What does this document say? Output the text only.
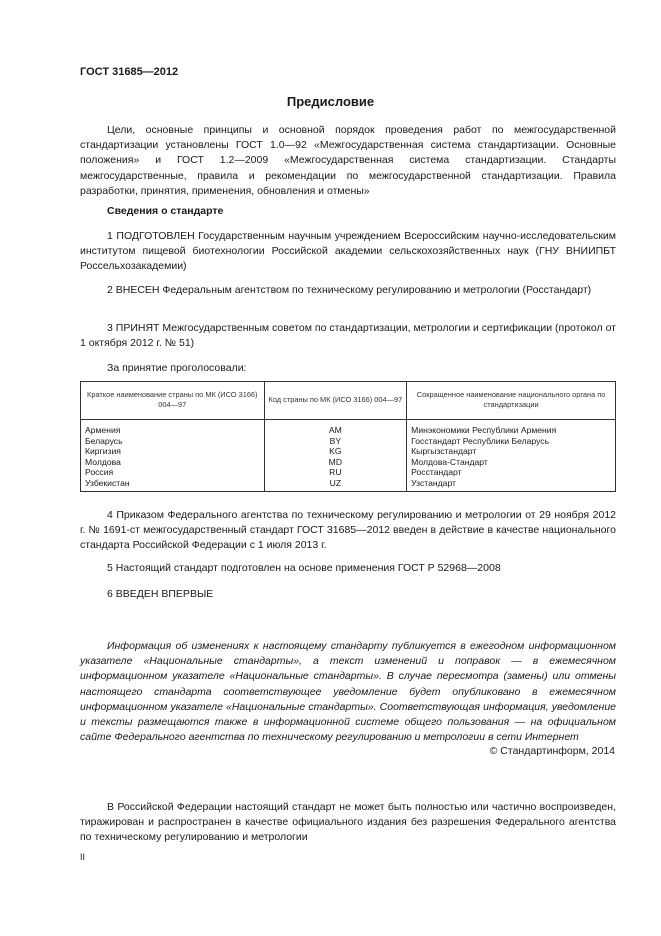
ГОСТ 31685—2012
Предисловие

Цели, основные принципы и основной порядок проведения работ по межгосударственной стандартизации установлены ГОСТ 1.0—92 «Межгосударственная система стандартизации. Основные положения» и ГОСТ 1.2—2009 «Межгосударственная система стандартизации. Стандарты межгосударственные, правила и рекомендации по межгосударственной стандартизации. Правила разработки, принятия, применения, обновления и отмены»

Сведения о стандарте

1 ПОДГОТОВЛЕН Государственным научным учреждением Всероссийским научно-исследовательским институтом пищевой биотехнологии Российской академии сельскохозяйственных наук (ГНУ ВНИИПБТ Россельхозакадемии)

2 ВНЕСЕН Федеральным агентством по техническому регулированию и метрологии (Росстандарт)

3 ПРИНЯТ Межгосударственным советом по стандартизации, метрологии и сертификации (протокол от 1 октября 2012 г. № 51)

За принятие проголосовали:
Краткое наименование страны по МК (ИСО 3166) 004—97	Код страны по МК (ИСО 3166) 004—97	Сокращенное наименование национального органа по стандартизации
Армения	AM	Минэкономики Республики Армения
Беларусь	BY	Госстандарт Республики Беларусь
Киргизия	KG	Кыргызстандарт
Молдова	MD	Молдова-Стандарт
Россия	RU	Росстандарт
Узбекистан	UZ	Узстандарт

4 Приказом Федерального агентства по техническому регулированию и метрологии от 29 ноября 2012 г. № 1691-ст межгосударственный стандарт ГОСТ 31685—2012 введен в действие в качестве национального стандарта Российской Федерации с 1 июля 2013 г.

5 Настоящий стандарт подготовлен на основе применения ГОСТ Р 52968—2008

6 ВВЕДЕН ВПЕРВЫЕ

Информация об изменениях к настоящему стандарту публикуется в ежегодном информационном указателе «Национальные стандарты», а текст изменений и поправок — в ежемесячном информационном указателе «Национальные стандарты». В случае пересмотра (замены) или отмены настоящего стандарта соответствующее уведомление будет опубликовано в ежемесячном информационном указателе «Национальные стандарты». Соответствующая информация, уведомление и тексты размещаются также в информационной системе общего пользования — на официальном сайте Федерального агентства по техническому регулированию и метрологии в сети Интернет

© Стандартинформ, 2014

В Российской Федерации настоящий стандарт не может быть полностью или частично воспроизведен, тиражирован и распространен в качестве официального издания без разрешения Федерального агентства по техническому регулированию и метрологии

II
